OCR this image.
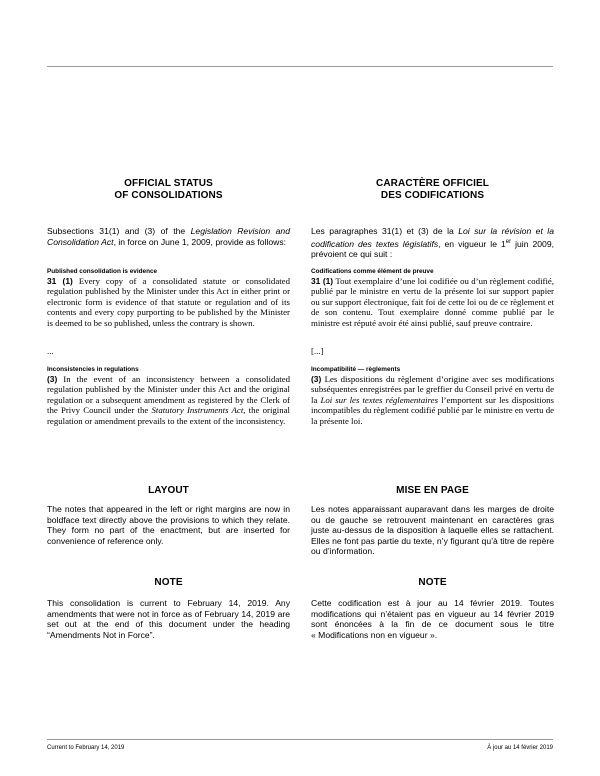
OFFICIAL STATUS
OF CONSOLIDATIONS
Subsections 31(1) and (3) of the Legislation Revision and Consolidation Act, in force on June 1, 2009, provide as follows:
Published consolidation is evidence
31 (1) Every copy of a consolidated statute or consolidated regulation published by the Minister under this Act in either print or electronic form is evidence of that statute or regulation and of its contents and every copy purporting to be published by the Minister is deemed to be so published, unless the contrary is shown.
...
Inconsistencies in regulations
(3) In the event of an inconsistency between a consolidated regulation published by the Minister under this Act and the original regulation or a subsequent amendment as registered by the Clerk of the Privy Council under the Statutory Instruments Act, the original regulation or amendment prevails to the extent of the inconsistency.
LAYOUT
The notes that appeared in the left or right margins are now in boldface text directly above the provisions to which they relate. They form no part of the enactment, but are inserted for convenience of reference only.
NOTE
This consolidation is current to February 14, 2019. Any amendments that were not in force as of February 14, 2019 are set out at the end of this document under the heading “Amendments Not in Force”.
CARACTÈRE OFFICIEL
DES CODIFICATIONS
Les paragraphes 31(1) et (3) de la Loi sur la révision et la codification des textes législatifs, en vigueur le 1er juin 2009, prévoient ce qui suit :
Codifications comme élément de preuve
31 (1) Tout exemplaire d’une loi codifiée ou d’un règlement codifié, publié par le ministre en vertu de la présente loi sur support papier ou sur support électronique, fait foi de cette loi ou de ce règlement et de son contenu. Tout exemplaire donné comme publié par le ministre est réputé avoir été ainsi publié, sauf preuve contraire.
[...]
Incompatibilité — règlements
(3) Les dispositions du règlement d’origine avec ses modifications subséquentes enregistrées par le greffier du Conseil privé en vertu de la Loi sur les textes réglementaires l’emportent sur les dispositions incompatibles du règlement codifié publié par le ministre en vertu de la présente loi.
MISE EN PAGE
Les notes apparaissant auparavant dans les marges de droite ou de gauche se retrouvent maintenant en caractères gras juste au-dessus de la disposition à laquelle elles se rattachent. Elles ne font pas partie du texte, n’y figurant qu’à titre de repère ou d’information.
NOTE
Cette codification est à jour au 14 février 2019. Toutes modifications qui n’étaient pas en vigueur au 14 février 2019 sont énoncées à la fin de ce document sous le titre « Modifications non en vigueur ».
Current to February 14, 2019	À jour au 14 février 2019
